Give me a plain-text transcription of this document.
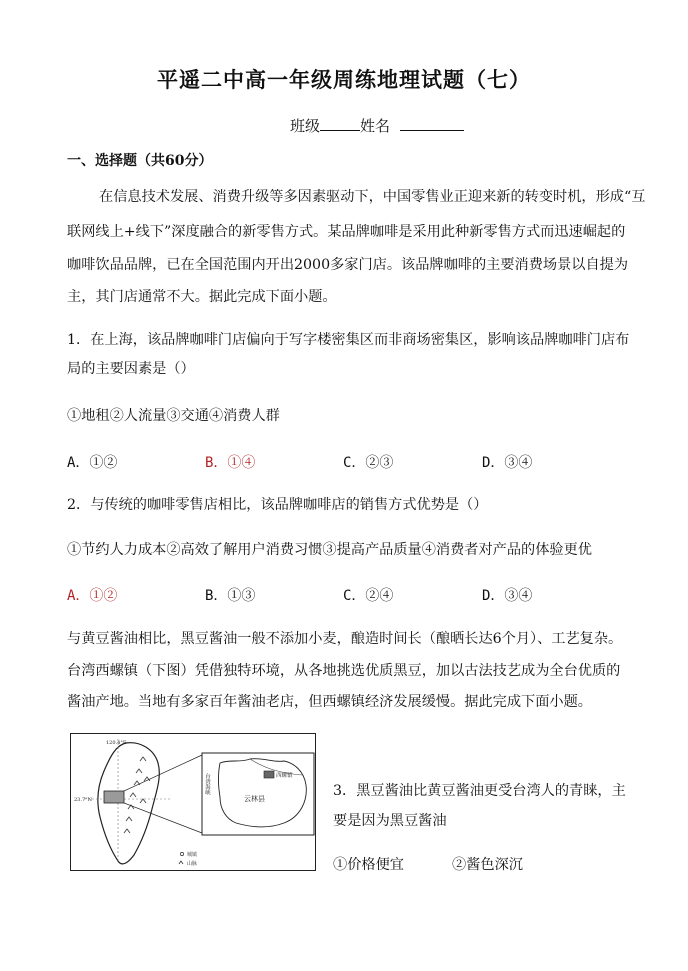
平遥二中高一年级周练地理试题（七）
班级	姓名
一、选择题（共60分）
在信息技术发展、消费升级等多因素驱动下，中国零售业正迎来新的转变时机，形成“互
联网线上+线下”深度融合的新零售方式。某品牌咖啡是采用此种新零售方式而迅速崛起的
咖啡饮品品牌，已在全国范围内开出2000多家门店。该品牌咖啡的主要消费场景以自提为
主，其门店通常不大。据此完成下面小题。
1．在上海，该品牌咖啡门店偏向于写字楼密集区而非商场密集区，影响该品牌咖啡门店布
局的主要因素是（）
①地租②人流量③交通④消费人群
A．①②	B．①④	C．②③	D．③④
2．与传统的咖啡零售店相比，该品牌咖啡店的销售方式优势是（）
①节约人力成本②高效了解用户消费习惯③提高产品质量④消费者对产品的体验更优
A．①②	B．①③	C．②④	D．③④
与黄豆酱油相比，黑豆酱油一般不添加小麦，酿造时间长（酿晒长达6个月）、工艺复杂。
台湾西螺镇（下图）凭借独特环境，从各地挑选优质黑豆，加以古法技艺成为全台优质的
酱油产地。当地有多家百年酱油老店，但西螺镇经济发展缓慢。据此完成下面小题。
120.4°E
23.7°N
西螺镇
云林县
台湾海峡
城镇
山脉
3．黑豆酱油比黄豆酱油更受台湾人的青睐，主
要是因为黑豆酱油
①价格便宜	②酱色深沉
